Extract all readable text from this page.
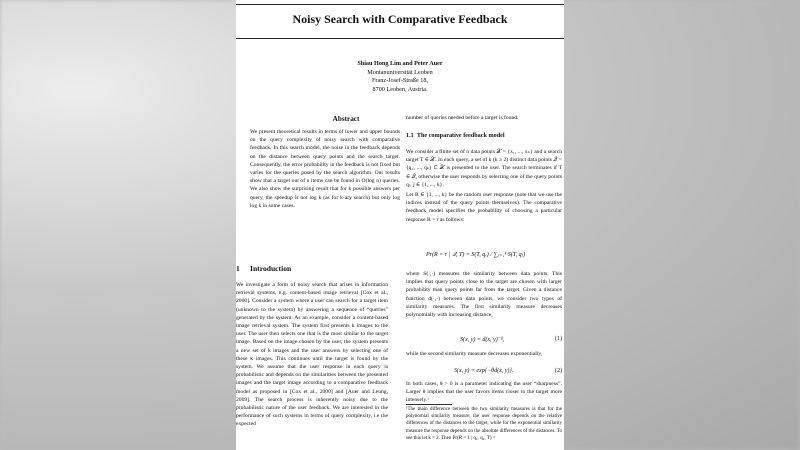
Noisy Search with Comparative Feedback
Shiau Hong Lim and Peter Auer
Montanuniversität Leoben
Franz-Josef-Straße 18,
8700 Leoben, Austria.
Abstract

We present theoretical results in terms of lower and upper bounds on the query complexity of noisy search with comparative feedback. In this search model, the noise in the feedback depends on the distance between query points and the search target. Consequently, the error probability in the feedback is not fixed but varies for the queries posed by the search algorithm. Our results show that a target out of n items can be found in O(log n) queries. We also show the surprising result that for k possible answers per query, the speedup is not log k (as for k-ary search) but only log log k in some cases.

1 Introduction

We investigate a form of noisy search that arises in information retrieval systems, e.g. content-based image retrieval [Cox et al., 2000]. Consider a system where a user can search for a target item (unknown to the system) by answering a sequence of “queries” generated by the system. As an example, consider a content-based image retrieval system. The system first presents k images to the user. The user then selects one that is the most similar to the target image. Based on the image chosen by the user, the system presents a new set of k images and the user answers by selecting one of these k images. This continues until the target is found by the system. We assume that the user response in each query is probabilistic and depends on the similarities between the presented images and the target image according to a comparative feedback model as proposed in [Cox et al., 2000] and [Auer and Leung, 2009]. The search process is inherently noisy due to the probabilistic nature of the user feedback. We are interested in the performance of such systems in terms of query complexity, i.e the expected

number of queries needed before a target is found.

1.1 The comparative feedback model

We consider a finite set of n data points 𝒳 = {x₁, ..., xₙ} and a search target T ∈ 𝒳. In each query, a set of k (k ≥ 2) distinct data points 𝒬 = {q₁, ..., qₖ} ⊂ 𝒳 is presented to the user. The search terminates if T ∈ 𝒬, otherwise the user responds by selecting one of the query points qⱼ, j ∈ {1, ..., k}.

Let R ∈ {1, ..., k} be the random user response (note that we use the indices instead of the query points themselves). The comparative feedback model specifies the probability of choosing a particular response R = r as follows:

Pr(R = r | 𝒬, T) = S(T, qᵣ) / ∑ⱼ₌₁ᵏ S(T, qⱼ)

where S(·,·) measures the similarity between data points. This implies that query points close to the target are chosen with larger probability than query points far from the target. Given a distance function d(·,·) between data points, we consider two types of similarity measures. The first similarity measure decreases polynomially with increasing distance,

S(x, y) = d(x, y)⁻ᵝ,	(1)

while the second similarity measure decreases exponentially,

S(x, y) = exp{−θd(x, y)}.	(2)

In both cases, θ > 0 is a parameter indicating the user “sharpness”. Larger θ implies that the user favors items closer to the target more intensely.¹

¹The main difference between the two similarity measures is that for the polynomial similarity measure, the user response depends on the relative differences of the distances to the target, while for the exponential similarity measure the response depends on the absolute differences of the distances. To see this let k = 2. Then Pr(R = 1 | q₁, q₂, T) =
